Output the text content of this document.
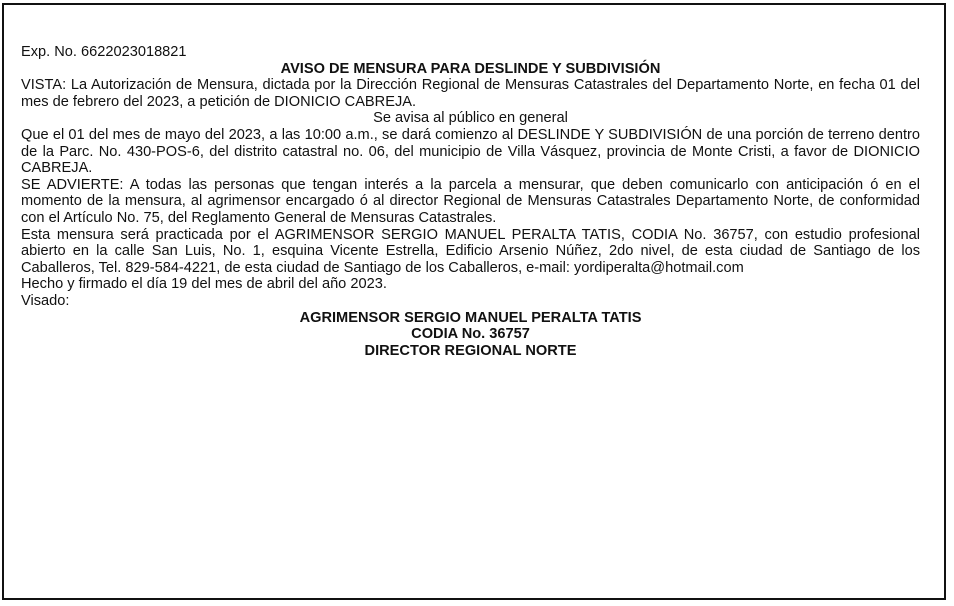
Exp. No. 6622023018821

AVISO DE MENSURA PARA DESLINDE Y SUBDIVISIÓN

VISTA: La Autorización de Mensura, dictada por la Dirección Regional de Mensuras Catastrales del Departamento Norte, en fecha 01 del mes de febrero del 2023, a petición de DIONICIO CABREJA.

Se avisa al público en general

Que el 01 del mes de mayo del 2023, a las 10:00 a.m., se dará comienzo al DESLINDE Y SUBDIVISIÓN de una porción de terreno dentro de la Parc. No. 430-POS-6, del distrito catastral no. 06, del municipio de Villa Vásquez, provincia de Monte Cristi, a favor de DIONICIO CABREJA.

SE ADVIERTE: A todas las personas que tengan interés a la parcela a mensurar, que deben comunicarlo con anticipación ó en el momento de la mensura, al agrimensor encargado ó al director Regional de Mensuras Catastrales Departamento Norte, de conformidad con el Artículo No. 75, del Reglamento General de Mensuras Catastrales.

Esta mensura será practicada por el AGRIMENSOR SERGIO MANUEL PERALTA TATIS, CODIA No. 36757, con estudio profesional abierto en la calle San Luis, No. 1, esquina Vicente Estrella, Edificio Arsenio Núñez, 2do nivel, de esta ciudad de Santiago de los Caballeros, Tel. 829-584-4221, de esta ciudad de Santiago de los Caballeros, e-mail: yordiperalta@hotmail.com

Hecho y firmado el día 19 del mes de abril del año 2023.

Visado:

AGRIMENSOR SERGIO MANUEL PERALTA TATIS

CODIA No. 36757

DIRECTOR REGIONAL NORTE
